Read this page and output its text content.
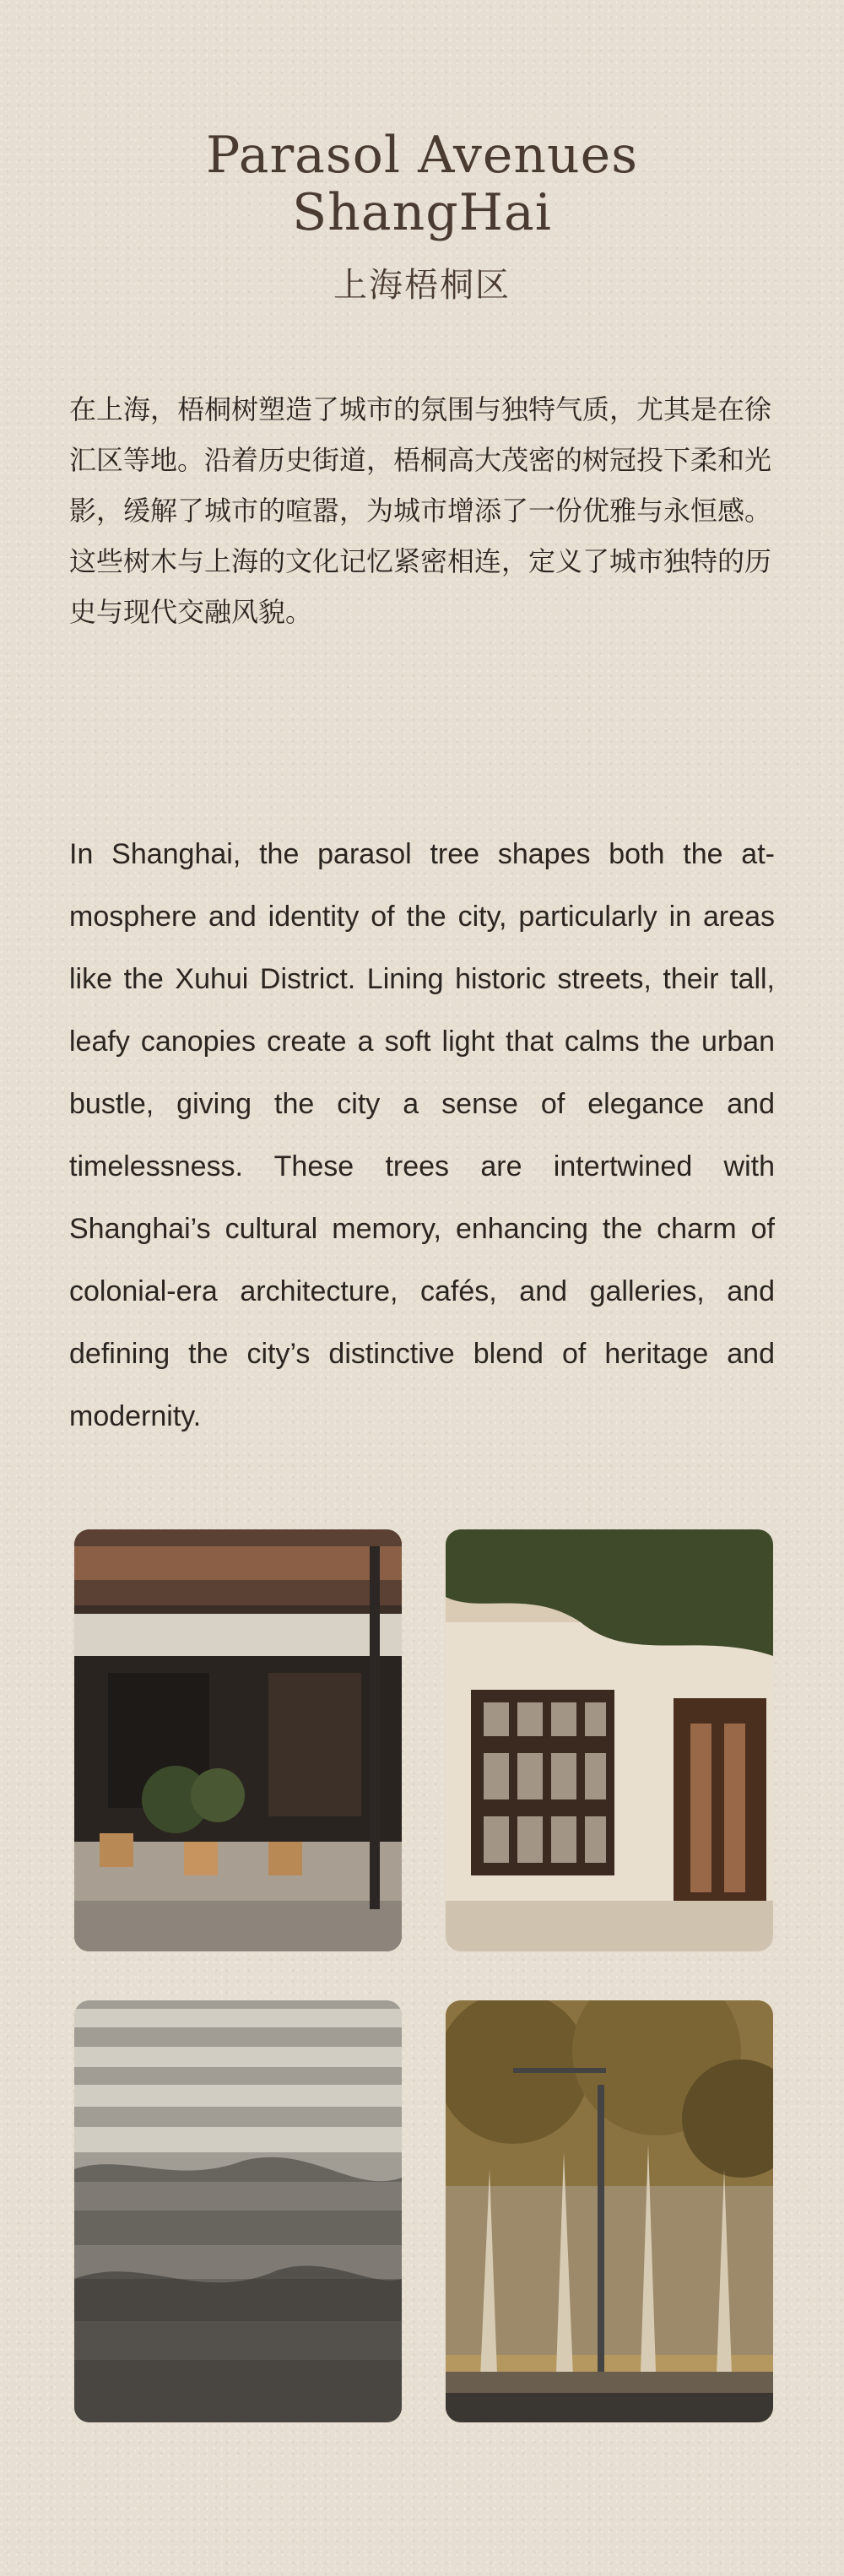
Parasol Avenues
ShangHai
上海梧桐区
在上海，梧桐树塑造了城市的氛围与独特气质，尤其是在徐汇区等地。沿着历史街道，梧桐高大茂密的树冠投下柔和光影，缓解了城市的喧嚣，为城市增添了一份优雅与永恒感。这些树木与上海的文化记忆紧密相连，定义了城市独特的历史与现代交融风貌。
In Shanghai, the parasol tree shapes both the atmosphere and identity of the city, particularly in areas like the Xuhui District. Lining historic streets, their tall, leafy canopies create a soft light that calms the urban bustle, giving the city a sense of elegance and timelessness. These trees are intertwined with Shanghai’s cultural memory, enhancing the charm of colonial-era architecture, cafés, and galleries, and defining the city’s distinctive blend of heritage and modernity.
